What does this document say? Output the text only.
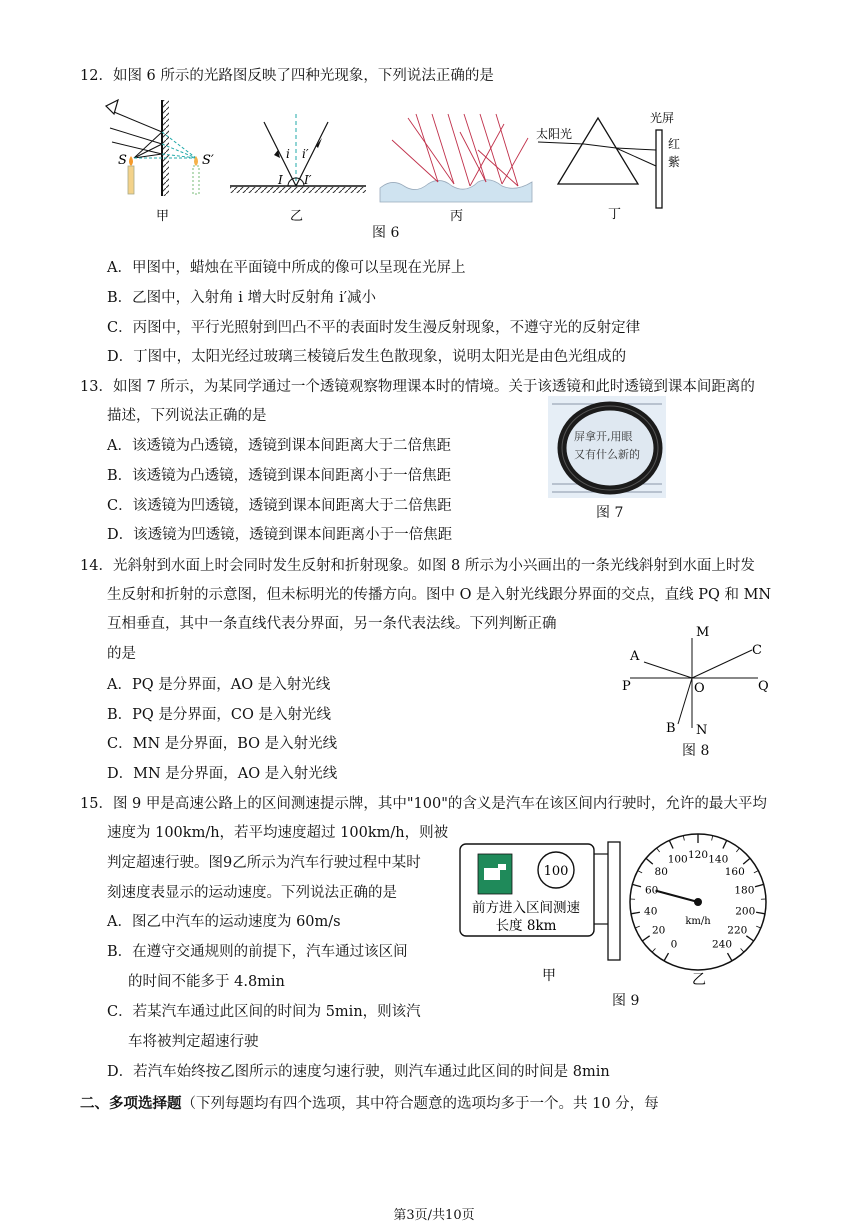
12．如图 6 所示的光路图反映了四种光现象，下列说法正确的是
S	S′
甲
i i′
I I′
乙	丙
太阳光
光屏
红
紫
丁
图 6
A．甲图中，蜡烛在平面镜中所成的像可以呈现在光屏上
B．乙图中，入射角 i 增大时反射角 i′减小
C．丙图中，平行光照射到凹凸不平的表面时发生漫反射现象，不遵守光的反射定律
D．丁图中，太阳光经过玻璃三棱镜后发生色散现象，说明太阳光是由色光组成的
13．如图 7 所示，为某同学通过一个透镜观察物理课本时的情境。关于该透镜和此时透镜到课本间距离的
描述，下列说法正确的是
A．该透镜为凸透镜，透镜到课本间距离大于二倍焦距
B．该透镜为凸透镜，透镜到课本间距离小于一倍焦距
C．该透镜为凹透镜，透镜到课本间距离大于二倍焦距
D．该透镜为凹透镜，透镜到课本间距离小于一倍焦距
屏拿开,用眼
又有什么新的
图 7
14．光斜射到水面上时会同时发生反射和折射现象。如图 8 所示为小兴画出的一条光线斜射到水面上时发
生反射和折射的示意图，但未标明光的传播方向。图中 O 是入射光线跟分界面的交点，直线 PQ 和 MN
互相垂直，其中一条直线代表分界面，另一条代表法线。下列判断正确
的是
A．PQ 是分界面，AO 是入射光线
B．PQ 是分界面，CO 是入射光线
C．MN 是分界面，BO 是入射光线
D．MN 是分界面，AO 是入射光线
M
N
P	Q
A	C
B
O
图 8
15．图 9 甲是高速公路上的区间测速提示牌，其中"100"的含义是汽车在该区间内行驶时，允许的最大平均
速度为 100km/h，若平均速度超过 100km/h，则被
判定超速行驶。图9乙所示为汽车行驶过程中某时
刻速度表显示的运动速度。下列说法正确的是
A．图乙中汽车的运动速度为 60m/s
B．在遵守交通规则的前提下，汽车通过该区间
的时间不能多于 4.8min
C．若某汽车通过此区间的时间为 5min，则该汽
车将被判定超速行驶
D．若汽车始终按乙图所示的速度匀速行驶，则汽车通过此区间的时间是 8min
100
前方进入区间测速
长度 8km
甲
0
20
40
60
80
100 120 140
160
180
200
220
240
km/h
乙
图 9
二、多项选择题（下列每题均有四个选项，其中符合题意的选项均多于一个。共 10 分，每
第3页/共10页
